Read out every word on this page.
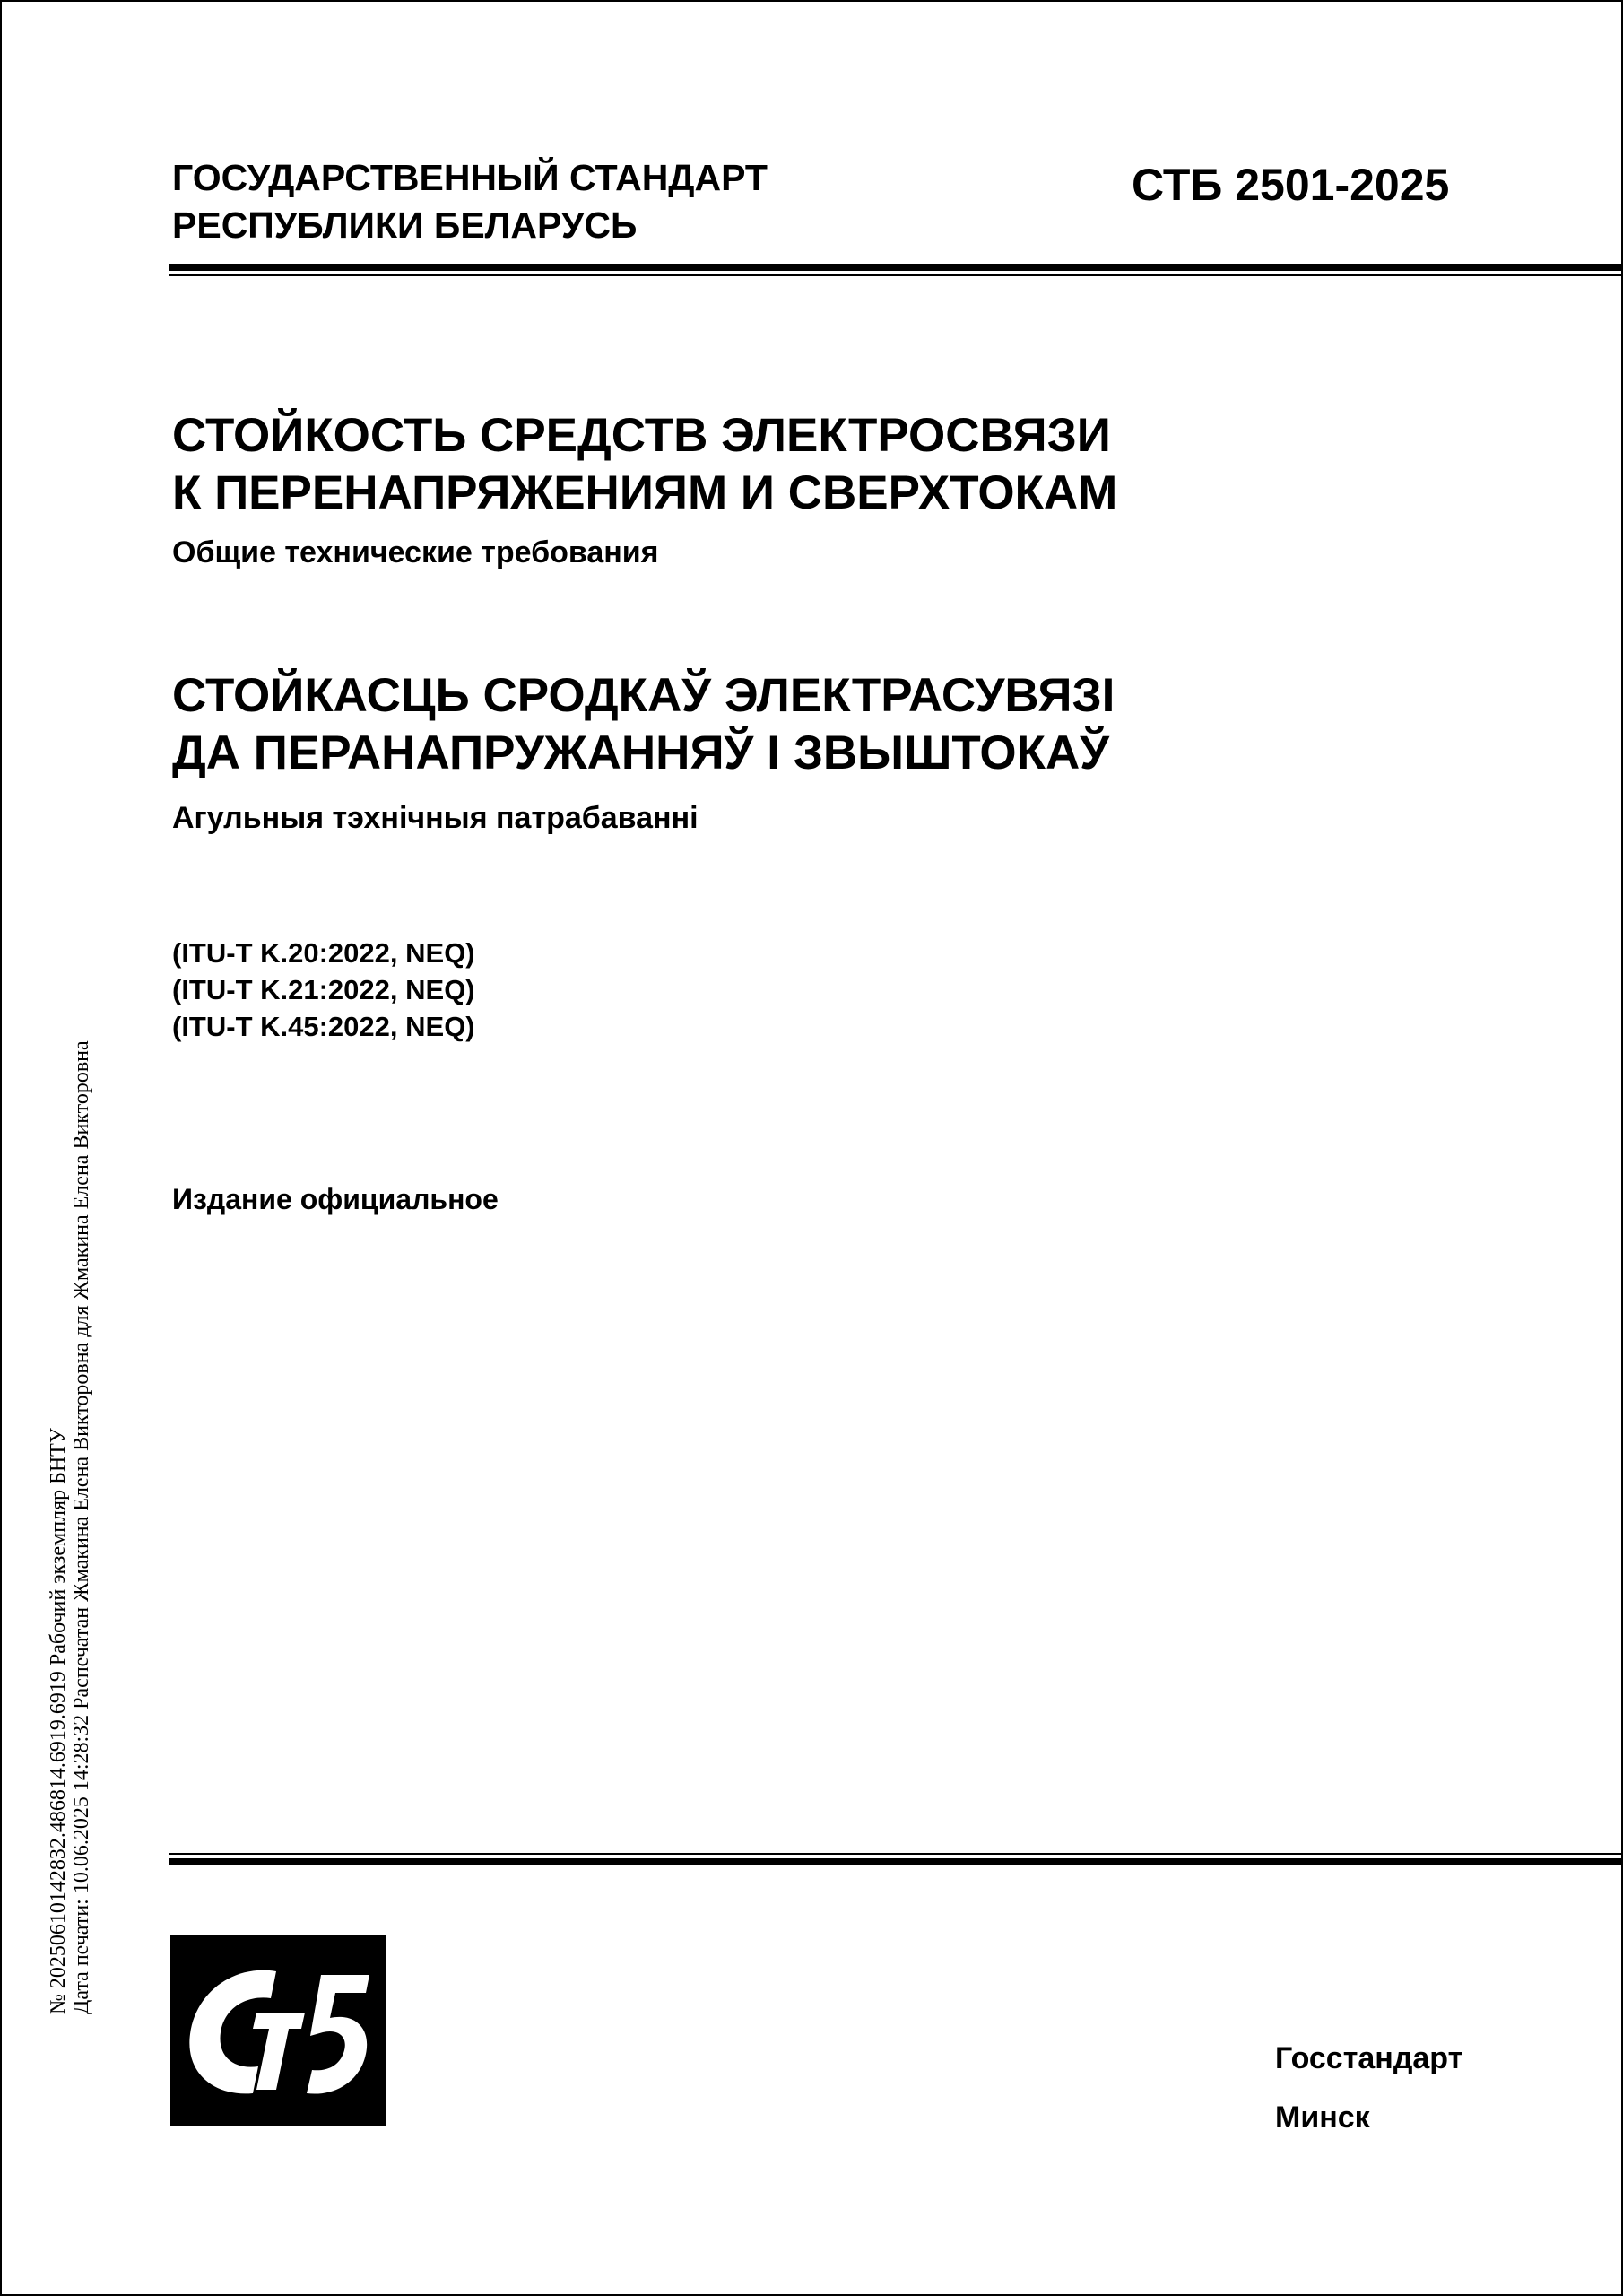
ГОСУДАРСТВЕННЫЙ СТАНДАРТ
РЕСПУБЛИКИ БЕЛАРУСЬ
СТБ 2501-2025
СТОЙКОСТЬ СРЕДСТВ ЭЛЕКТРОСВЯЗИ
К ПЕРЕНАПРЯЖЕНИЯМ И СВЕРХТОКАМ
Общие технические требования
СТОЙКАСЦЬ СРОДКАЎ ЭЛЕКТРАСУВЯЗІ
ДА ПЕРАНАПРУЖАННЯЎ І ЗВЫШТОКАЎ
Агульныя тэхнічныя патрабаванні
(ITU-T K.20:2022, NEQ)
(ITU-T K.21:2022, NEQ)
(ITU-T K.45:2022, NEQ)
Издание официальное
№ 20250610142832.486814.6919.6919 Рабочий экземпляр БНТУ Дата печати: 10.06.2025 14:28:32 Распечатан Жмакина Елена Викторовна для Жмакина Елена Викторовна
Госстандарт
Минск
